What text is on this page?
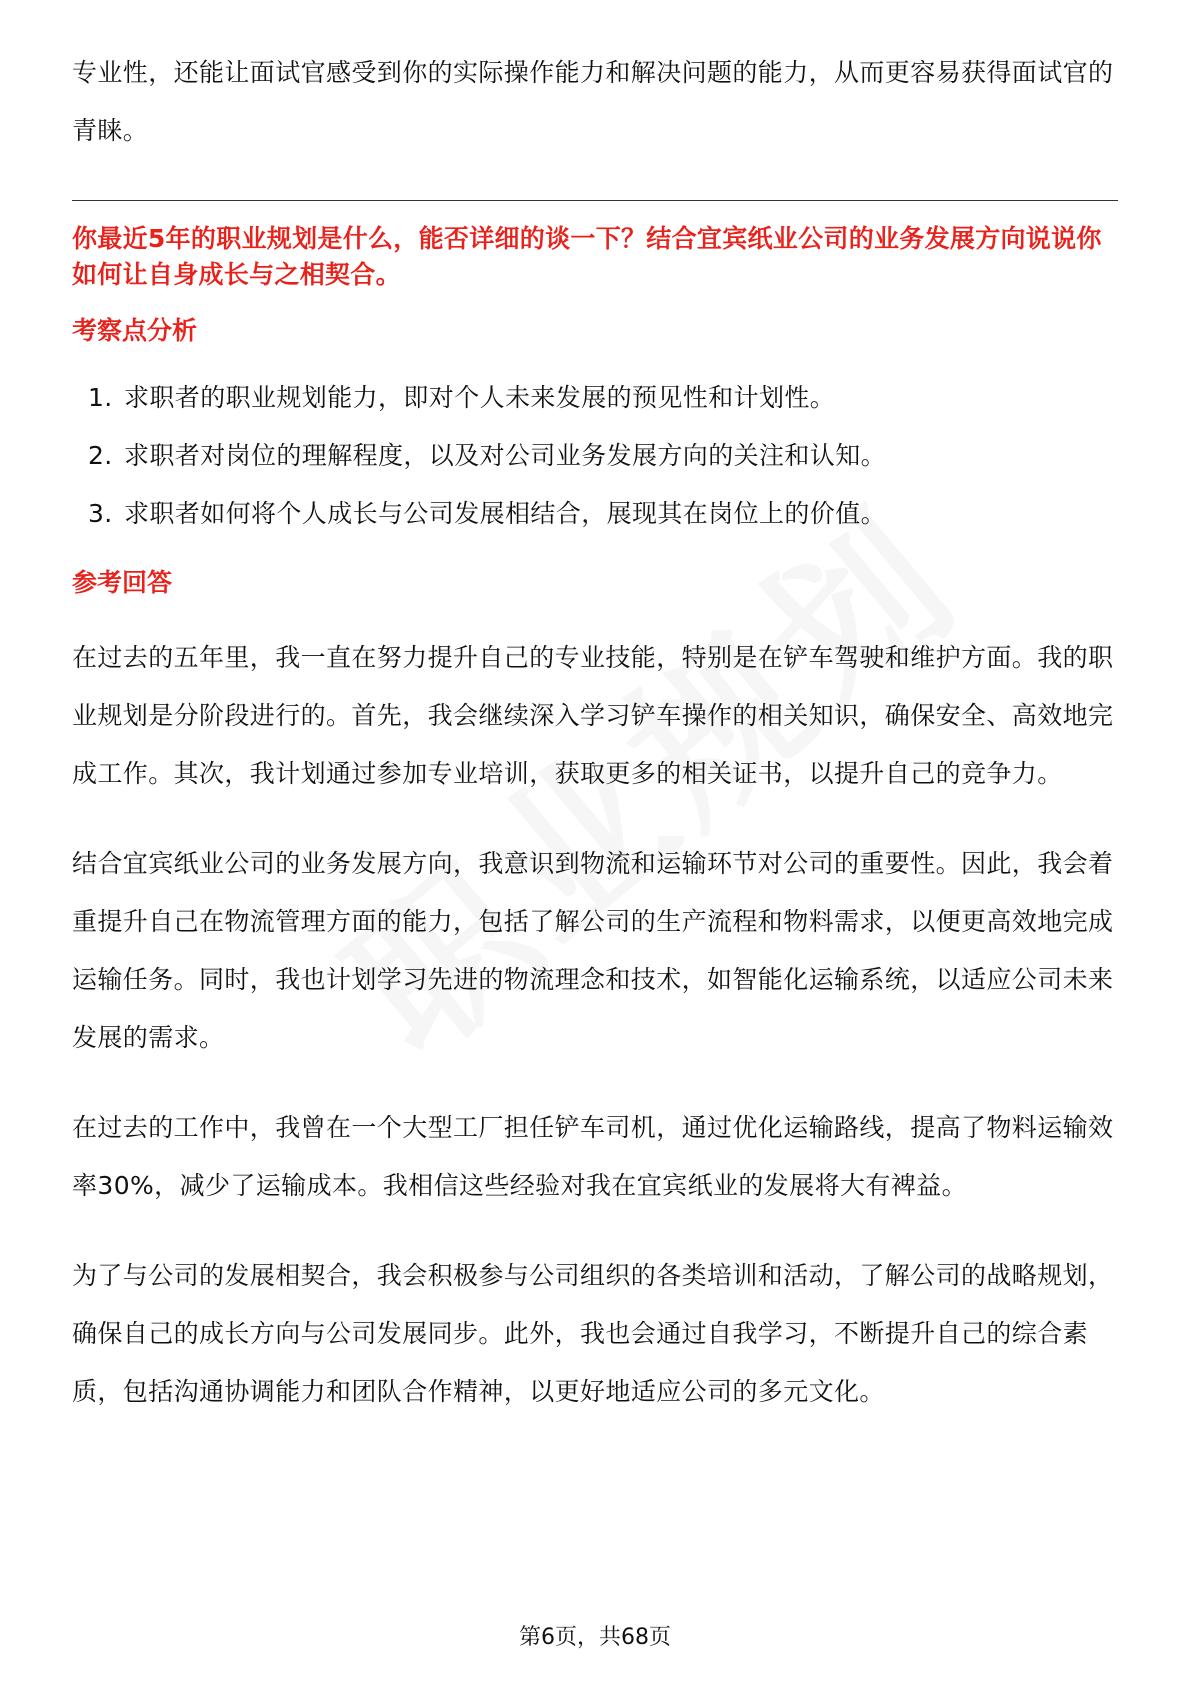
专业性，还能让面试官感受到你的实际操作能力和解决问题的能力，从而更容易获得面试官的青睐。

你最近5年的职业规划是什么，能否详细的谈一下？结合宜宾纸业公司的业务发展方向说说你如何让自身成长与之相契合。

考察点分析
1. 求职者的职业规划能力，即对个人未来发展的预见性和计划性。
2. 求职者对岗位的理解程度，以及对公司业务发展方向的关注和认知。
3. 求职者如何将个人成长与公司发展相结合，展现其在岗位上的价值。
参考回答

在过去的五年里，我一直在努力提升自己的专业技能，特别是在铲车驾驶和维护方面。我的职业规划是分阶段进行的。首先，我会继续深入学习铲车操作的相关知识，确保安全、高效地完成工作。其次，我计划通过参加专业培训，获取更多的相关证书，以提升自己的竞争力。

结合宜宾纸业公司的业务发展方向，我意识到物流和运输环节对公司的重要性。因此，我会着重提升自己在物流管理方面的能力，包括了解公司的生产流程和物料需求，以便更高效地完成运输任务。同时，我也计划学习先进的物流理念和技术，如智能化运输系统，以适应公司未来发展的需求。

在过去的工作中，我曾在一个大型工厂担任铲车司机，通过优化运输路线，提高了物料运输效率30%，减少了运输成本。我相信这些经验对我在宜宾纸业的发展将大有裨益。

为了与公司的发展相契合，我会积极参与公司组织的各类培训和活动，了解公司的战略规划，确保自己的成长方向与公司发展同步。此外，我也会通过自我学习，不断提升自己的综合素质，包括沟通协调能力和团队合作精神，以更好地适应公司的多元文化。

第6页，共68页
